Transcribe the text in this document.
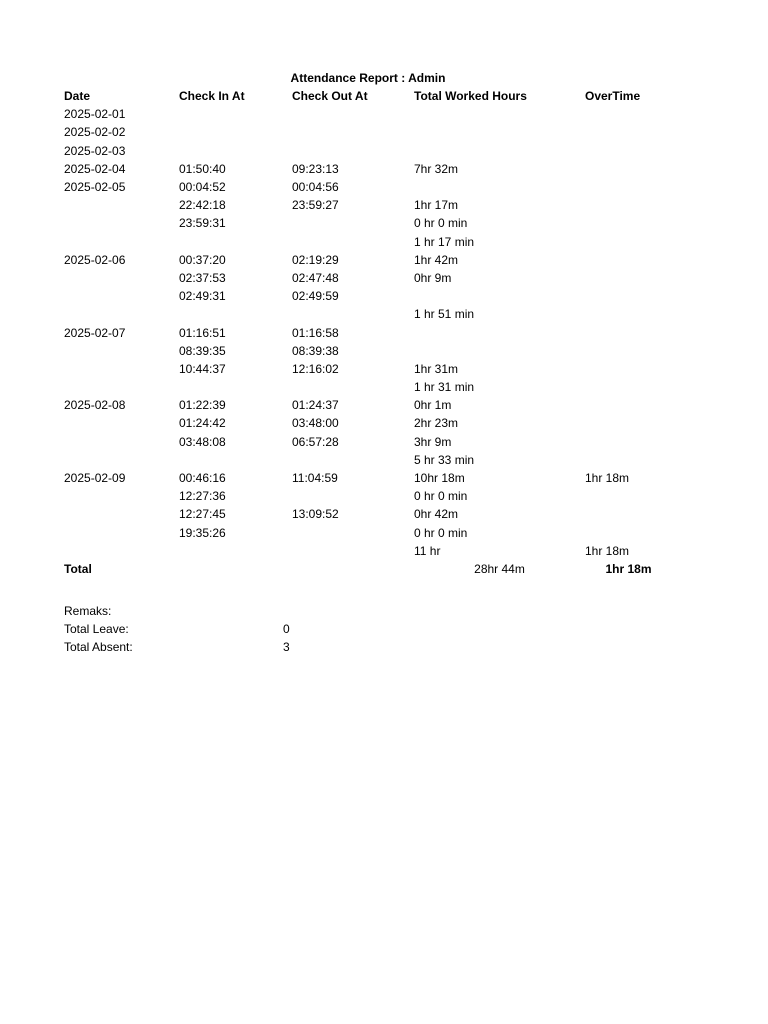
Attendance Report : Admin
Date	Check In At	Check Out At	Total Worked Hours	OverTime
2025-02-01				
2025-02-02				
2025-02-03				
2025-02-04	01:50:40	09:23:13	7hr 32m	
2025-02-05	00:04:52	00:04:56		
	22:42:18	23:59:27	1hr 17m	
	23:59:31		0 hr 0 min	
			1 hr 17 min	
2025-02-06	00:37:20	02:19:29	1hr 42m	
	02:37:53	02:47:48	0hr 9m	
	02:49:31	02:49:59		
			1 hr 51 min	
2025-02-07	01:16:51	01:16:58		
	08:39:35	08:39:38		
	10:44:37	12:16:02	1hr 31m	
			1 hr 31 min	
2025-02-08	01:22:39	01:24:37	0hr 1m	
	01:24:42	03:48:00	2hr 23m	
	03:48:08	06:57:28	3hr 9m	
			5 hr 33 min	
2025-02-09	00:46:16	11:04:59	10hr 18m	1hr 18m
	12:27:36		0 hr 0 min	
	12:27:45	13:09:52	0hr 42m	
	19:35:26		0 hr 0 min	
			11 hr	1hr 18m
Total			28hr 44m	1hr 18m
Remaks:
Total Leave:	0
Total Absent:	3
